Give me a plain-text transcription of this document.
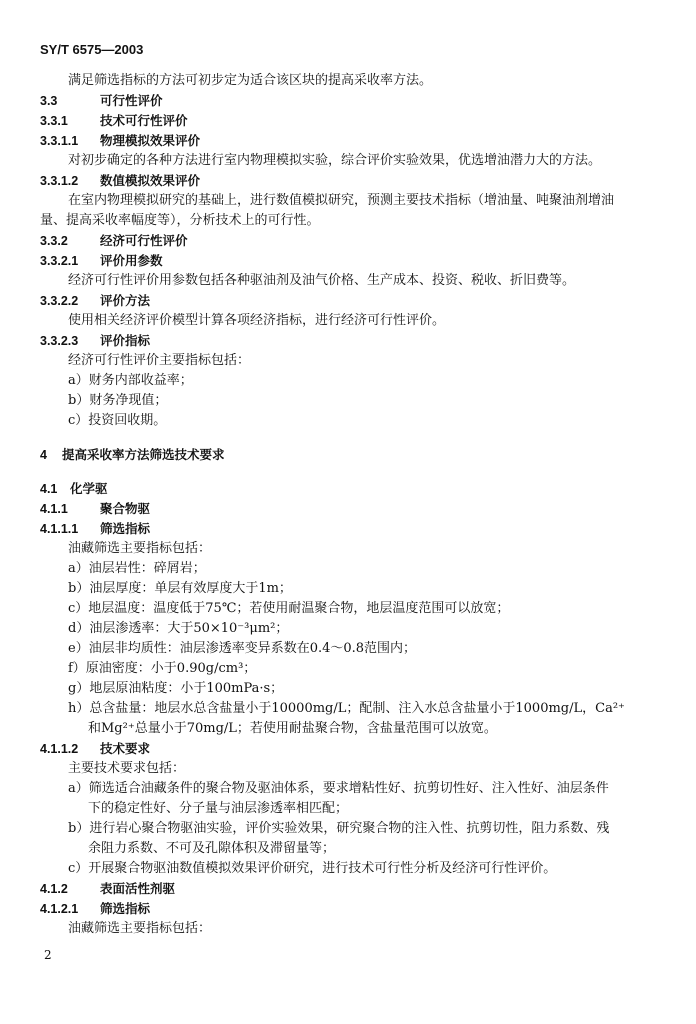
SY/T 6575—2003
满足筛选指标的方法可初步定为适合该区块的提高采收率方法。
3.3	可行性评价
3.3.1	技术可行性评价
3.3.1.1 物理模拟效果评价
对初步确定的各种方法进行室内物理模拟实验，综合评价实验效果，优选增油潜力大的方法。
3.3.1.2 数值模拟效果评价
在室内物理模拟研究的基础上，进行数值模拟研究，预测主要技术指标（增油量、吨聚油剂增油
量、提高采收率幅度等），分析技术上的可行性。
3.3.2	经济可行性评价
3.3.2.1 评价用参数
经济可行性评价用参数包括各种驱油剂及油气价格、生产成本、投资、税收、折旧费等。
3.3.2.2 评价方法
使用相关经济评价模型计算各项经济指标，进行经济可行性评价。
3.3.2.3 评价指标
经济可行性评价主要指标包括：
a）财务内部收益率；
b）财务净现值；
c）投资回收期。
4 提高采收率方法筛选技术要求
4.1 化学驱
4.1.1	聚合物驱
4.1.1.1 筛选指标
油藏筛选主要指标包括：
a）油层岩性：碎屑岩；
b）油层厚度：单层有效厚度大于1m；
c）地层温度：温度低于75℃；若使用耐温聚合物，地层温度范围可以放宽；
d）油层渗透率：大于50×10⁻³μm²；
e）油层非均质性：油层渗透率变异系数在0.4～0.8范围内；
f）原油密度：小于0.90g/cm³；
g）地层原油粘度：小于100mPa·s；
h）总含盐量：地层水总含盐量小于10000mg/L；配制、注入水总含盐量小于1000mg/L，Ca²⁺
和Mg²⁺总量小于70mg/L；若使用耐盐聚合物，含盐量范围可以放宽。
4.1.1.2 技术要求
主要技术要求包括：
a）筛选适合油藏条件的聚合物及驱油体系，要求增粘性好、抗剪切性好、注入性好、油层条件
下的稳定性好、分子量与油层渗透率相匹配；
b）进行岩心聚合物驱油实验，评价实验效果，研究聚合物的注入性、抗剪切性，阻力系数、残
余阻力系数、不可及孔隙体积及滞留量等；
c）开展聚合物驱油数值模拟效果评价研究，进行技术可行性分析及经济可行性评价。
4.1.2	表面活性剂驱
4.1.2.1 筛选指标
油藏筛选主要指标包括：
2
